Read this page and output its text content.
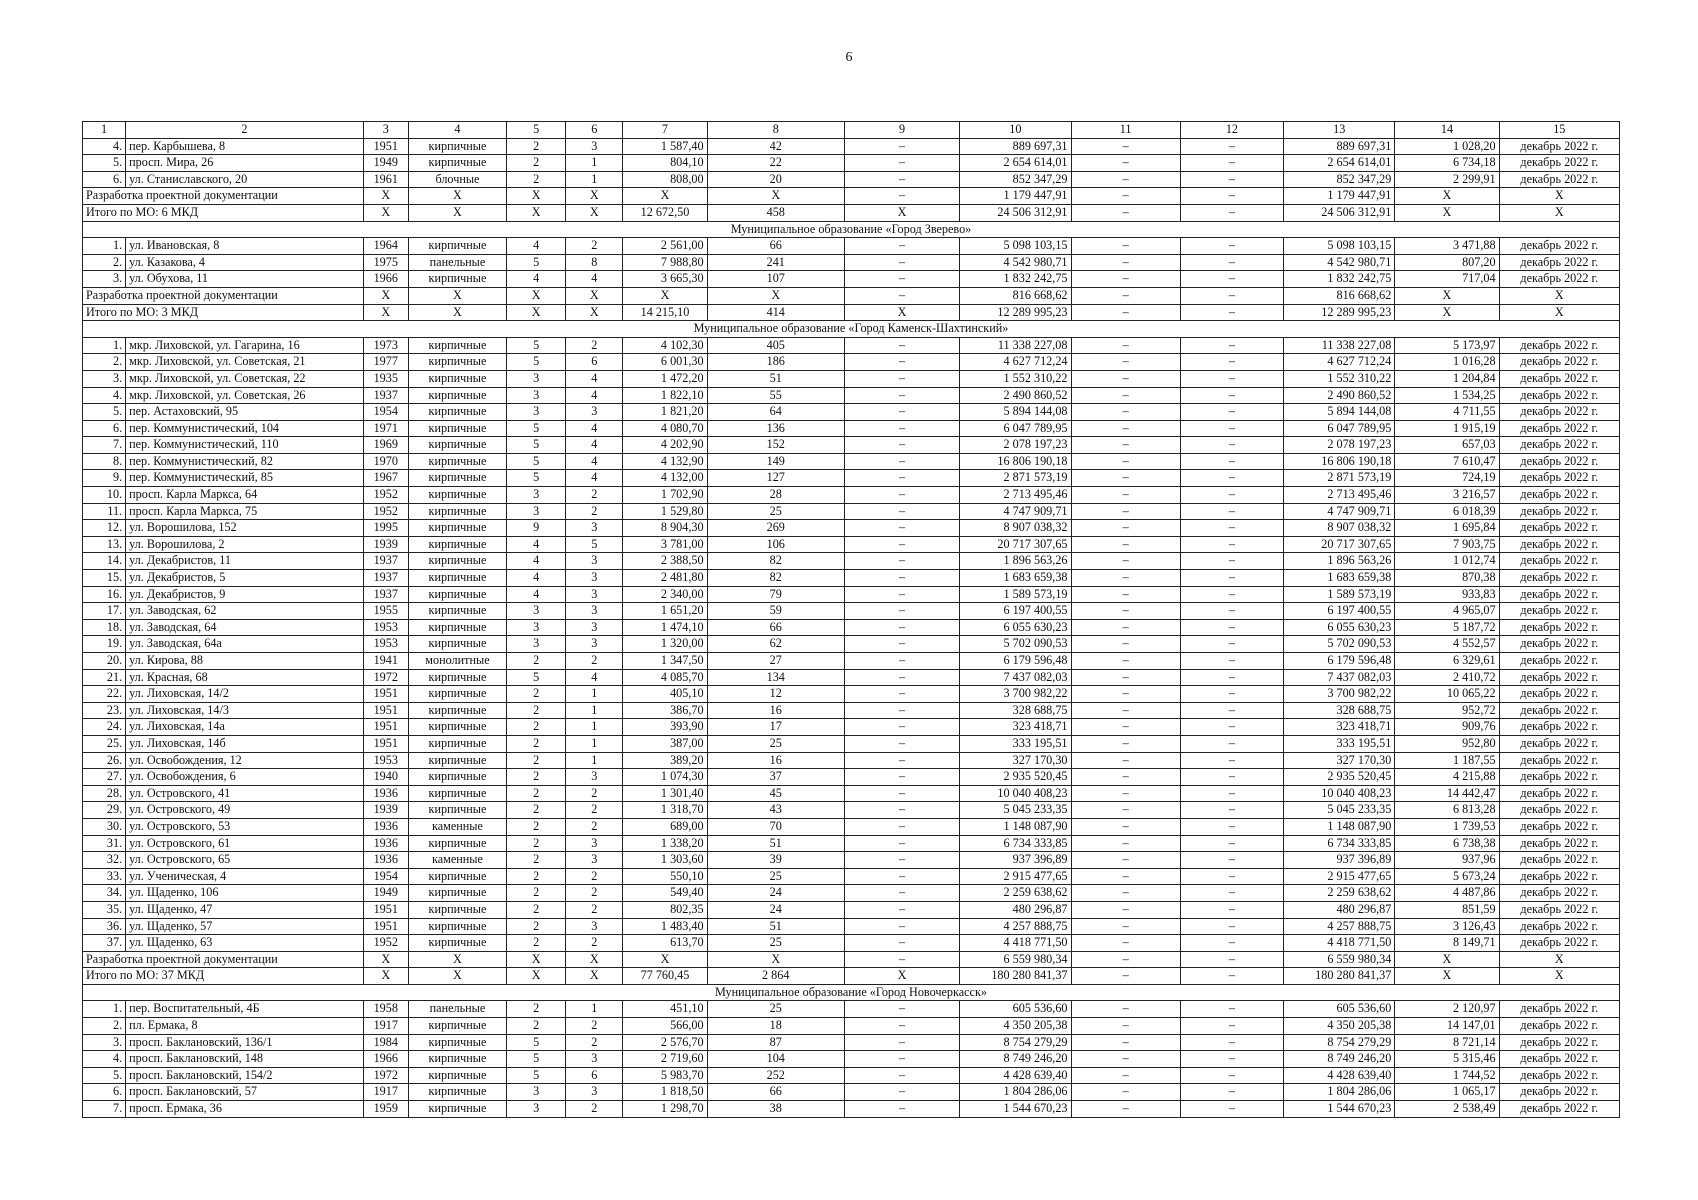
6
1	2	3	4	5	6	7	8	9	10	11	12	13	14	15
4.	пер. Карбышева, 8	1951	кирпичные	2	3	1 587,40	42	–	889 697,31	–	–	889 697,31	1 028,20	декабрь 2022 г.
5.	просп. Мира, 26	1949	кирпичные	2	1	804,10	22	–	2 654 614,01	–	–	2 654 614,01	6 734,18	декабрь 2022 г.
6.	ул. Станиславского, 20	1961	блочные	2	1	808,00	20	–	852 347,29	–	–	852 347,29	2 299,91	декабрь 2022 г.
Разработка проектной документации		X	X	X	X	X	X	–	1 179 447,91	–	–	1 179 447,91	X	X
Итого по МО: 6 МКД		X	X	X	X	12 672,50	458	X	24 506 312,91	–	–	24 506 312,91	X	X
Муниципальное образование «Город Зверево»														
1.	ул. Ивановская, 8	1964	кирпичные	4	2	2 561,00	66	–	5 098 103,15	–	–	5 098 103,15	3 471,88	декабрь 2022 г.
2.	ул. Казакова, 4	1975	панельные	5	8	7 988,80	241	–	4 542 980,71	–	–	4 542 980,71	807,20	декабрь 2022 г.
3.	ул. Обухова, 11	1966	кирпичные	4	4	3 665,30	107	–	1 832 242,75	–	–	1 832 242,75	717,04	декабрь 2022 г.
Разработка проектной документации		X	X	X	X	X	X	–	816 668,62	–	–	816 668,62	X	X
Итого по МО: 3 МКД		X	X	X	X	14 215,10	414	X	12 289 995,23	–	–	12 289 995,23	X	X
Муниципальное образование «Город Каменск-Шахтинский»														
1.	мкр. Лиховской, ул. Гагарина, 16	1973	кирпичные	5	2	4 102,30	405	–	11 338 227,08	–	–	11 338 227,08	5 173,97	декабрь 2022 г.
2.	мкр. Лиховской, ул. Советская, 21	1977	кирпичные	5	6	6 001,30	186	–	4 627 712,24	–	–	4 627 712,24	1 016,28	декабрь 2022 г.
3.	мкр. Лиховской, ул. Советская, 22	1935	кирпичные	3	4	1 472,20	51	–	1 552 310,22	–	–	1 552 310,22	1 204,84	декабрь 2022 г.
4.	мкр. Лиховской, ул. Советская, 26	1937	кирпичные	3	4	1 822,10	55	–	2 490 860,52	–	–	2 490 860,52	1 534,25	декабрь 2022 г.
5.	пер. Астаховский, 95	1954	кирпичные	3	3	1 821,20	64	–	5 894 144,08	–	–	5 894 144,08	4 711,55	декабрь 2022 г.
6.	пер. Коммунистический, 104	1971	кирпичные	5	4	4 080,70	136	–	6 047 789,95	–	–	6 047 789,95	1 915,19	декабрь 2022 г.
7.	пер. Коммунистический, 110	1969	кирпичные	5	4	4 202,90	152	–	2 078 197,23	–	–	2 078 197,23	657,03	декабрь 2022 г.
8.	пер. Коммунистический, 82	1970	кирпичные	5	4	4 132,90	149	–	16 806 190,18	–	–	16 806 190,18	7 610,47	декабрь 2022 г.
9.	пер. Коммунистический, 85	1967	кирпичные	5	4	4 132,00	127	–	2 871 573,19	–	–	2 871 573,19	724,19	декабрь 2022 г.
10.	просп. Карла Маркса, 64	1952	кирпичные	3	2	1 702,90	28	–	2 713 495,46	–	–	2 713 495,46	3 216,57	декабрь 2022 г.
11.	просп. Карла Маркса, 75	1952	кирпичные	3	2	1 529,80	25	–	4 747 909,71	–	–	4 747 909,71	6 018,39	декабрь 2022 г.
12.	ул. Ворошилова, 152	1995	кирпичные	9	3	8 904,30	269	–	8 907 038,32	–	–	8 907 038,32	1 695,84	декабрь 2022 г.
13.	ул. Ворошилова, 2	1939	кирпичные	4	5	3 781,00	106	–	20 717 307,65	–	–	20 717 307,65	7 903,75	декабрь 2022 г.
14.	ул. Декабристов, 11	1937	кирпичные	4	3	2 388,50	82	–	1 896 563,26	–	–	1 896 563,26	1 012,74	декабрь 2022 г.
15.	ул. Декабристов, 5	1937	кирпичные	4	3	2 481,80	82	–	1 683 659,38	–	–	1 683 659,38	870,38	декабрь 2022 г.
16.	ул. Декабристов, 9	1937	кирпичные	4	3	2 340,00	79	–	1 589 573,19	–	–	1 589 573,19	933,83	декабрь 2022 г.
17.	ул. Заводская, 62	1955	кирпичные	3	3	1 651,20	59	–	6 197 400,55	–	–	6 197 400,55	4 965,07	декабрь 2022 г.
18.	ул. Заводская, 64	1953	кирпичные	3	3	1 474,10	66	–	6 055 630,23	–	–	6 055 630,23	5 187,72	декабрь 2022 г.
19.	ул. Заводская, 64а	1953	кирпичные	3	3	1 320,00	62	–	5 702 090,53	–	–	5 702 090,53	4 552,57	декабрь 2022 г.
20.	ул. Кирова, 88	1941	монолитные	2	2	1 347,50	27	–	6 179 596,48	–	–	6 179 596,48	6 329,61	декабрь 2022 г.
21.	ул. Красная, 68	1972	кирпичные	5	4	4 085,70	134	–	7 437 082,03	–	–	7 437 082,03	2 410,72	декабрь 2022 г.
22.	ул. Лиховская, 14/2	1951	кирпичные	2	1	405,10	12	–	3 700 982,22	–	–	3 700 982,22	10 065,22	декабрь 2022 г.
23.	ул. Лиховская, 14/3	1951	кирпичные	2	1	386,70	16	–	328 688,75	–	–	328 688,75	952,72	декабрь 2022 г.
24.	ул. Лиховская, 14а	1951	кирпичные	2	1	393,90	17	–	323 418,71	–	–	323 418,71	909,76	декабрь 2022 г.
25.	ул. Лиховская, 14б	1951	кирпичные	2	1	387,00	25	–	333 195,51	–	–	333 195,51	952,80	декабрь 2022 г.
26.	ул. Освобождения, 12	1953	кирпичные	2	1	389,20	16	–	327 170,30	–	–	327 170,30	1 187,55	декабрь 2022 г.
27.	ул. Освобождения, 6	1940	кирпичные	2	3	1 074,30	37	–	2 935 520,45	–	–	2 935 520,45	4 215,88	декабрь 2022 г.
28.	ул. Островского, 41	1936	кирпичные	2	2	1 301,40	45	–	10 040 408,23	–	–	10 040 408,23	14 442,47	декабрь 2022 г.
29.	ул. Островского, 49	1939	кирпичные	2	2	1 318,70	43	–	5 045 233,35	–	–	5 045 233,35	6 813,28	декабрь 2022 г.
30.	ул. Островского, 53	1936	каменные	2	2	689,00	70	–	1 148 087,90	–	–	1 148 087,90	1 739,53	декабрь 2022 г.
31.	ул. Островского, 61	1936	кирпичные	2	3	1 338,20	51	–	6 734 333,85	–	–	6 734 333,85	6 738,38	декабрь 2022 г.
32.	ул. Островского, 65	1936	каменные	2	3	1 303,60	39	–	937 396,89	–	–	937 396,89	937,96	декабрь 2022 г.
33.	ул. Ученическая, 4	1954	кирпичные	2	2	550,10	25	–	2 915 477,65	–	–	2 915 477,65	5 673,24	декабрь 2022 г.
34.	ул. Щаденко, 106	1949	кирпичные	2	2	549,40	24	–	2 259 638,62	–	–	2 259 638,62	4 487,86	декабрь 2022 г.
35.	ул. Щаденко, 47	1951	кирпичные	2	2	802,35	24	–	480 296,87	–	–	480 296,87	851,59	декабрь 2022 г.
36.	ул. Щаденко, 57	1951	кирпичные	2	3	1 483,40	51	–	4 257 888,75	–	–	4 257 888,75	3 126,43	декабрь 2022 г.
37.	ул. Щаденко, 63	1952	кирпичные	2	2	613,70	25	–	4 418 771,50	–	–	4 418 771,50	8 149,71	декабрь 2022 г.
Разработка проектной документации		X	X	X	X	X	X	–	6 559 980,34	–	–	6 559 980,34	X	X
Итого по МО: 37 МКД		X	X	X	X	77 760,45	2 864	X	180 280 841,37	–	–	180 280 841,37	X	X
Муниципальное образование «Город Новочеркасск»														
1.	пер. Воспитательный, 4Б	1958	панельные	2	1	451,10	25	–	605 536,60	–	–	605 536,60	2 120,97	декабрь 2022 г.
2.	пл. Ермака, 8	1917	кирпичные	2	2	566,00	18	–	4 350 205,38	–	–	4 350 205,38	14 147,01	декабрь 2022 г.
3.	просп. Баклановский, 136/1	1984	кирпичные	5	2	2 576,70	87	–	8 754 279,29	–	–	8 754 279,29	8 721,14	декабрь 2022 г.
4.	просп. Баклановский, 148	1966	кирпичные	5	3	2 719,60	104	–	8 749 246,20	–	–	8 749 246,20	5 315,46	декабрь 2022 г.
5.	просп. Баклановский, 154/2	1972	кирпичные	5	6	5 983,70	252	–	4 428 639,40	–	–	4 428 639,40	1 744,52	декабрь 2022 г.
6.	просп. Баклановский, 57	1917	кирпичные	3	3	1 818,50	66	–	1 804 286,06	–	–	1 804 286,06	1 065,17	декабрь 2022 г.
7.	просп. Ермака, 36	1959	кирпичные	3	2	1 298,70	38	–	1 544 670,23	–	–	1 544 670,23	2 538,49	декабрь 2022 г.
